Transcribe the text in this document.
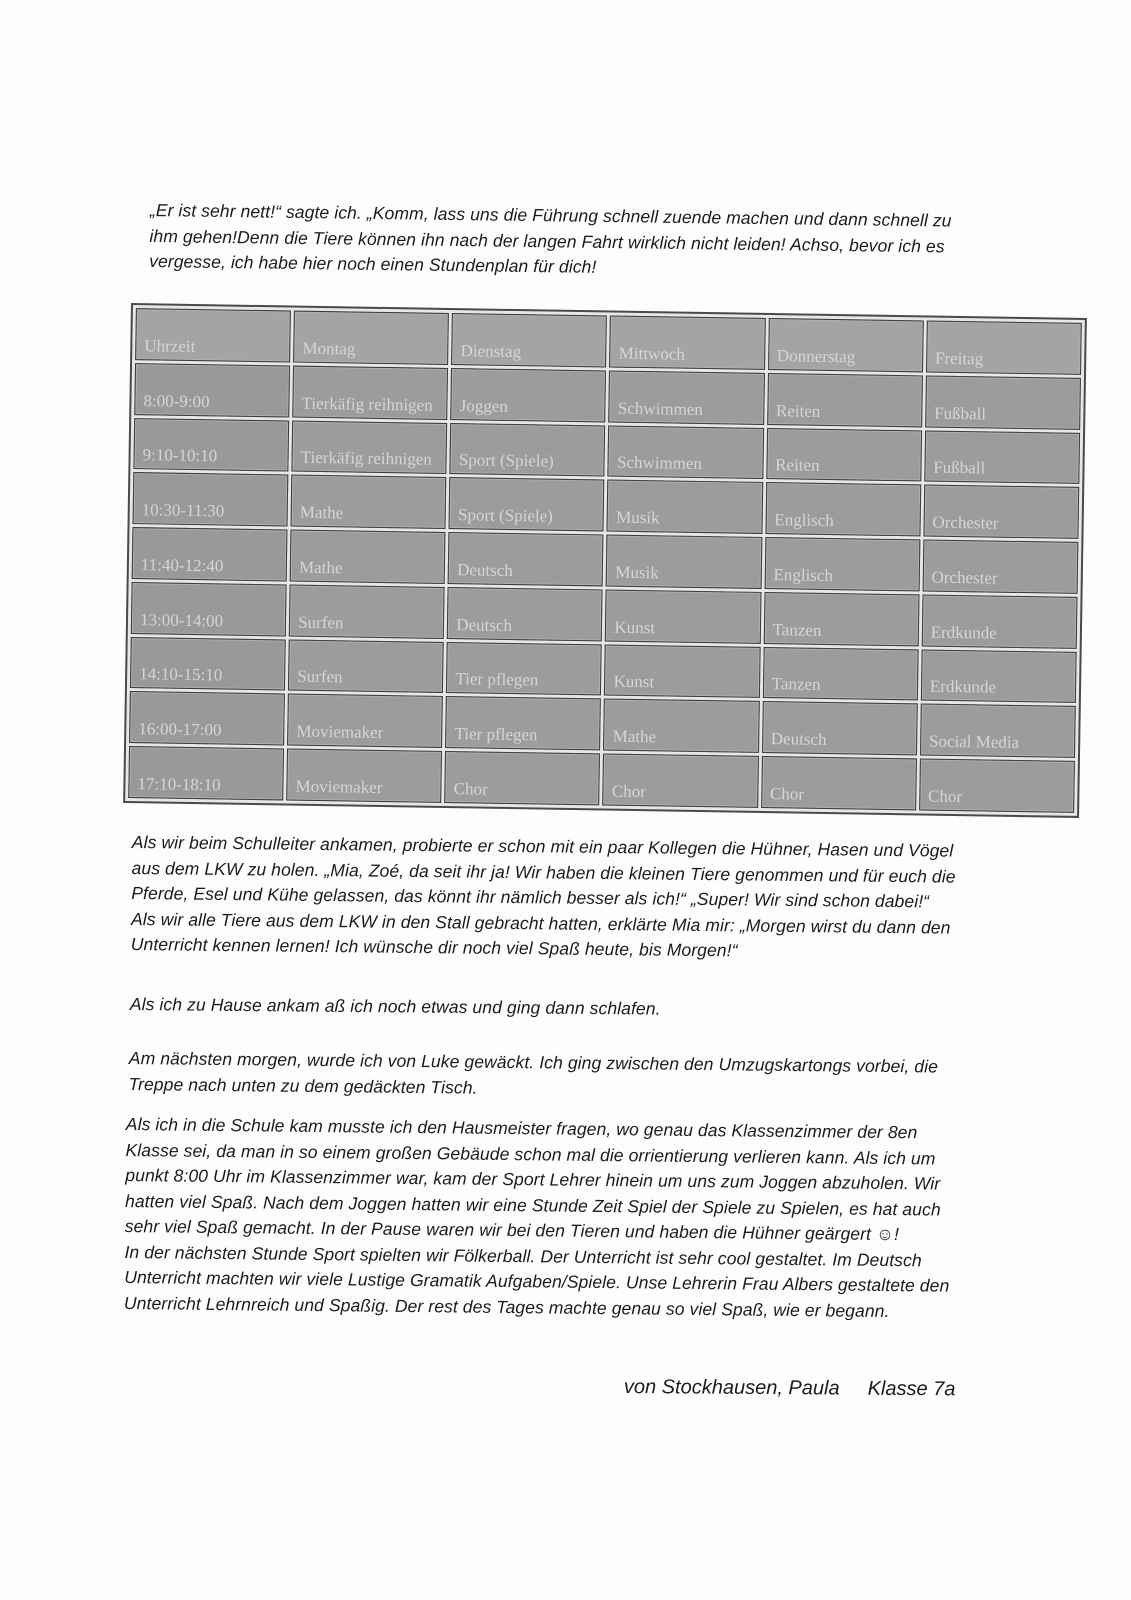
„Er ist sehr nett!“ sagte ich. „Komm, lass uns die Führung schnell zuende machen und dann schnell zu
ihm gehen!Denn die Tiere können ihn nach der langen Fahrt wirklich nicht leiden! Achso, bevor ich es
vergesse, ich habe hier noch einen Stundenplan für dich!

Uhrzeit	Montag	Dienstag	Mittwoch	Donnerstag	Freitag
8:00-9:00	Tierkäfig reihnigen	Joggen	Schwimmen	Reiten	Fußball
9:10-10:10	Tierkäfig reihnigen	Sport (Spiele)	Schwimmen	Reiten	Fußball
10:30-11:30	Mathe	Sport (Spiele)	Musik	Englisch	Orchester
11:40-12:40	Mathe	Deutsch	Musik	Englisch	Orchester
13:00-14:00	Surfen	Deutsch	Kunst	Tanzen	Erdkunde
14:10-15:10	Surfen	Tier pflegen	Kunst	Tanzen	Erdkunde
16:00-17:00	Moviemaker	Tier pflegen	Mathe	Deutsch	Social Media
17:10-18:10	Moviemaker	Chor	Chor	Chor	Chor

Als wir beim Schulleiter ankamen, probierte er schon mit ein paar Kollegen die Hühner, Hasen und Vögel
aus dem LKW zu holen. „Mia, Zoé, da seit ihr ja! Wir haben die kleinen Tiere genommen und für euch die
Pferde, Esel und Kühe gelassen, das könnt ihr nämlich besser als ich!“ „Super! Wir sind schon dabei!“
Als wir alle Tiere aus dem LKW in den Stall gebracht hatten, erklärte Mia mir: „Morgen wirst du dann den
Unterricht kennen lernen! Ich wünsche dir noch viel Spaß heute, bis Morgen!“

Als ich zu Hause ankam aß ich noch etwas und ging dann schlafen.

Am nächsten morgen, wurde ich von Luke gewäckt. Ich ging zwischen den Umzugskartongs vorbei, die
Treppe nach unten zu dem gedäckten Tisch.

Als ich in die Schule kam musste ich den Hausmeister fragen, wo genau das Klassenzimmer der 8en
Klasse sei, da man in so einem großen Gebäude schon mal die orrientierung verlieren kann. Als ich um
punkt 8:00 Uhr im Klassenzimmer war, kam der Sport Lehrer hinein um uns zum Joggen abzuholen. Wir
hatten viel Spaß. Nach dem Joggen hatten wir eine Stunde Zeit Spiel der Spiele zu Spielen, es hat auch
sehr viel Spaß gemacht. In der Pause waren wir bei den Tieren und haben die Hühner geärgert ☺!
In der nächsten Stunde Sport spielten wir Fölkerball. Der Unterricht ist sehr cool gestaltet. Im Deutsch
Unterricht machten wir viele Lustige Gramatik Aufgaben/Spiele. Unse Lehrerin Frau Albers gestaltete den
Unterricht Lehrnreich und Spaßig. Der rest des Tages machte genau so viel Spaß, wie er begann.

von Stockhausen, Paula Klasse 7a
